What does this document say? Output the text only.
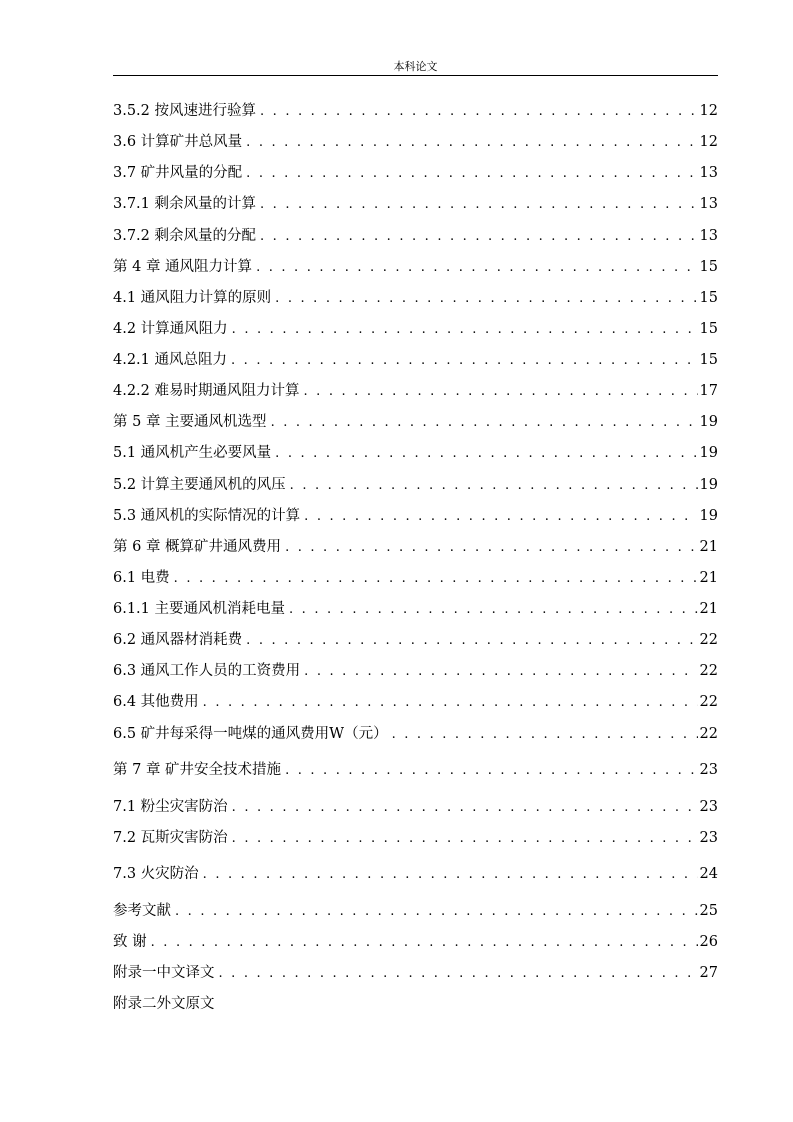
本科论文
3.5.2 按风速进行验算 . . .	12
3.6 计算矿井总风量 . . .	12
3.7 矿井风量的分配 . . .	13
3.7.1 剩余风量的计算 . . .	13
3.7.2 剩余风量的分配 . . .	13
第 4 章 通风阻力计算 . . .	15
4.1 通风阻力计算的原则 . . .	15
4.2 计算通风阻力 . . .	15
4.2.1 通风总阻力 . . .	15
4.2.2 难易时期通风阻力计算 . . .	17
第 5 章 主要通风机选型 . . .	19
5.1 通风机产生必要风量 . . .	19
5.2 计算主要通风机的风压 . . .	19
5.3 通风机的实际情况的计算 . . .	19
第 6 章 概算矿井通风费用 . . .	21
6.1 电费 . . .	21
6.1.1 主要通风机消耗电量 . . .	21
6.2 通风器材消耗费 . . .	22
6.3 通风工作人员的工资费用 . . .	22
6.4 其他费用 . . .	22
6.5 矿井每采得一吨煤的通风费用W（元） . . .	22
第 7 章 矿井安全技术措施 . . .	23
7.1 粉尘灾害防治 . . .	23
7.2 瓦斯灾害防治 . . .	23
7.3 火灾防治 . . .	24
参考文献 . . .	25
致 谢 . . .	26
附录一中文译文 . . .	27
附录二外文原文
